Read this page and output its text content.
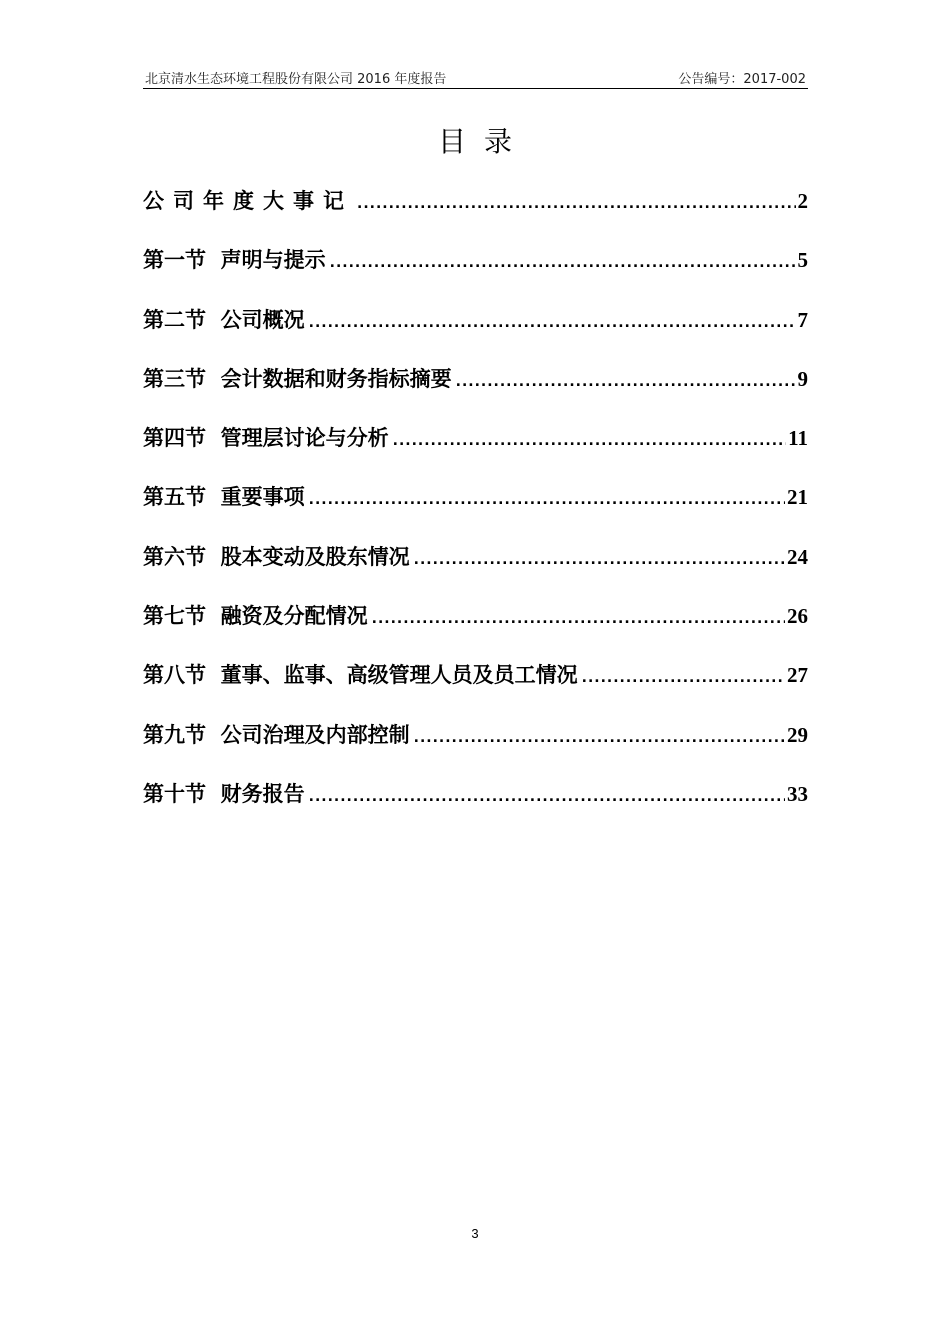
北京清水生态环境工程股份有限公司 2016 年度报告	公告编号：2017-002
目录
公司年度大事记 .....	2
第一节 声明与提示 .....	5
第二节 公司概况 .....	7
第三节 会计数据和财务指标摘要 .....	9
第四节 管理层讨论与分析 .....	11
第五节 重要事项 .....	21
第六节 股本变动及股东情况 .....	24
第七节 融资及分配情况 .....	26
第八节 董事、监事、高级管理人员及员工情况 .....	27
第九节 公司治理及内部控制 .....	29
第十节 财务报告 .....	33
3
